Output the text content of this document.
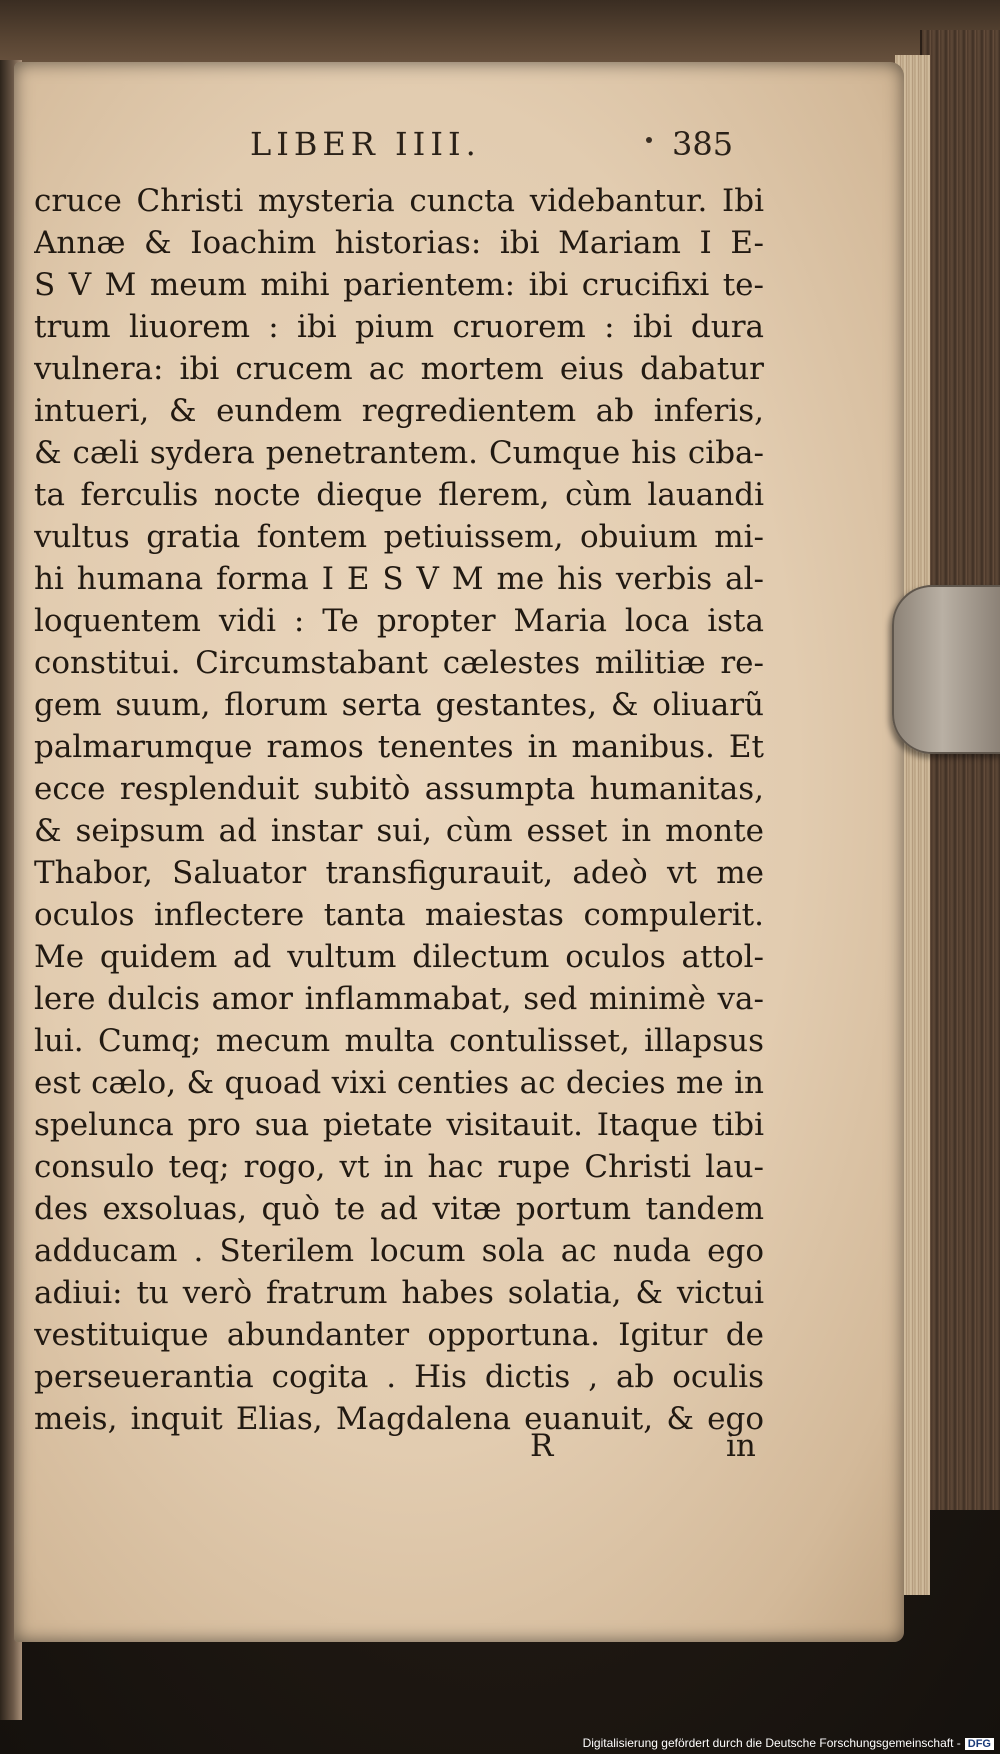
LIBER IIII.	385
cruce Christi mysteria cuncta videbantur. Ibi
Annæ & Ioachim historias: ibi Mariam I E-
S V M meum mihi parientem: ibi crucifixi te-
trum liuorem : ibi pium cruorem : ibi dura
vulnera: ibi crucem ac mortem eius dabatur
intueri, & eundem regredientem ab inferis,
& cæli sydera penetrantem. Cumque his ciba-
ta ferculis nocte dieque flerem, cùm lauandi
vultus gratia fontem petiuissem, obuium mi-
hi humana forma I E S V M me his verbis al-
loquentem vidi : Te propter Maria loca ista
constitui. Circumstabant cælestes militiæ re-
gem suum, florum serta gestantes, & oliuarũ
palmarumque ramos tenentes in manibus. Et
ecce resplenduit subitò assumpta humanitas,
& seipsum ad instar sui, cùm esset in monte
Thabor, Saluator transfigurauit, adeò vt me
oculos inflectere tanta maiestas compulerit.
Me quidem ad vultum dilectum oculos attol-
lere dulcis amor inflammabat, sed minimè va-
lui. Cumq; mecum multa contulisset, illapsus
est cælo, & quoad vixi centies ac decies me in
spelunca pro sua pietate visitauit. Itaque tibi
consulo teq; rogo, vt in hac rupe Christi lau-
des exsoluas, quò te ad vitæ portum tandem
adducam . Sterilem locum sola ac nuda ego
adiui: tu verò fratrum habes solatia, & victui
vestituique abundanter opportuna. Igitur de
perseuerantia cogita . His dictis , ab oculis
meis, inquit Elias, Magdalena euanuit, & ego
R	in
Digitalisierung gefördert durch die Deutsche Forschungsgemeinschaft - DFG
